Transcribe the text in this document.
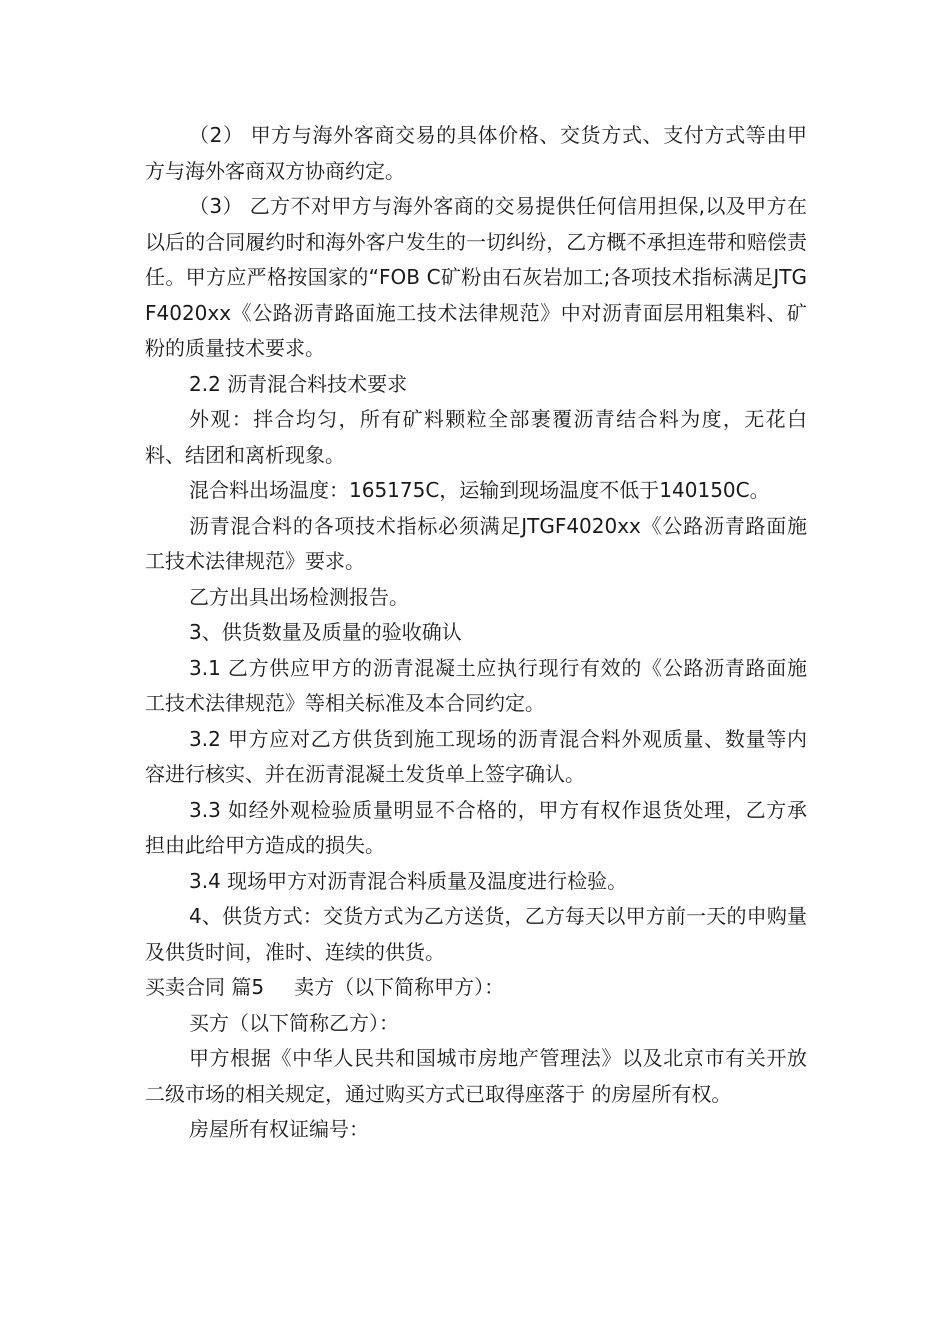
（2） 甲方与海外客商交易的具体价格、交货方式、支付方式等由甲方与海外客商双方协商约定。

（3） 乙方不对甲方与海外客商的交易提供任何信用担保,以及甲方在以后的合同履约时和海外客户发生的一切纠纷，乙方概不承担连带和赔偿责任。甲方应严格按国家的“FOB C矿粉由石灰岩加工;各项技术指标满足JTGF4020xx《公路沥青路面施工技术法律规范》中对沥青面层用粗集料、矿粉的质量技术要求。

2.2 沥青混合料技术要求

外观：拌合均匀，所有矿料颗粒全部裹覆沥青结合料为度，无花白料、结团和离析现象。

混合料出场温度：165175C，运输到现场温度不低于140150C。

沥青混合料的各项技术指标必须满足JTGF4020xx《公路沥青路面施工技术法律规范》要求。

乙方出具出场检测报告。

3、供货数量及质量的验收确认

3.1 乙方供应甲方的沥青混凝土应执行现行有效的《公路沥青路面施工技术法律规范》等相关标准及本合同约定。

3.2 甲方应对乙方供货到施工现场的沥青混合料外观质量、数量等内容进行核实、并在沥青混凝土发货单上签字确认。

3.3 如经外观检验质量明显不合格的，甲方有权作退货处理，乙方承担由此给甲方造成的损失。

3.4 现场甲方对沥青混合料质量及温度进行检验。

4、供货方式：交货方式为乙方送货，乙方每天以甲方前一天的申购量及供货时间，准时、连续的供货。

买卖合同 篇5 卖方（以下简称甲方）：

买方（以下简称乙方）：

甲方根据《中华人民共和国城市房地产管理法》以及北京市有关开放二级市场的相关规定，通过购买方式已取得座落于 的房屋所有权。

房屋所有权证编号：
